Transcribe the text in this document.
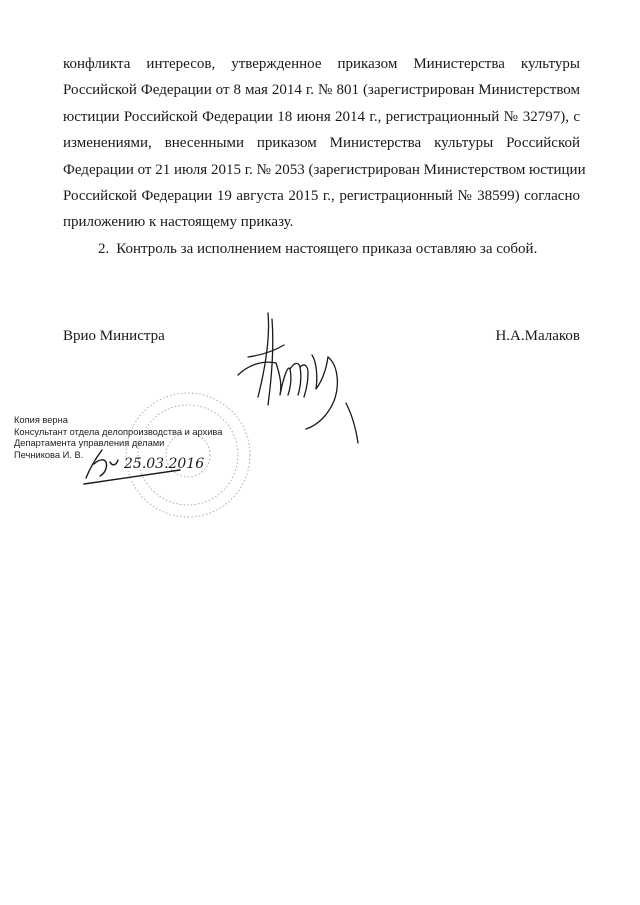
конфликта интересов, утвержденное приказом Министерства культуры
Российской Федерации от 8 мая 2014 г. № 801 (зарегистрирован Министерством
юстиции Российской Федерации 18 июня 2014 г., регистрационный № 32797), с
изменениями, внесенными приказом Министерства культуры Российской
Федерации от 21 июля 2015 г. № 2053 (зарегистрирован Министерством юстиции
Российской Федерации 19 августа 2015 г., регистрационный № 38599) согласно
приложению к настоящему приказу.

2. Контроль за исполнением настоящего приказа оставляю за собой.

Врио Министра	Н.А.Малаков
Копия верна
Консультант отдела делопроизводства и архива
Департамента управления делами
Печникова И. В.
25.03.2016
